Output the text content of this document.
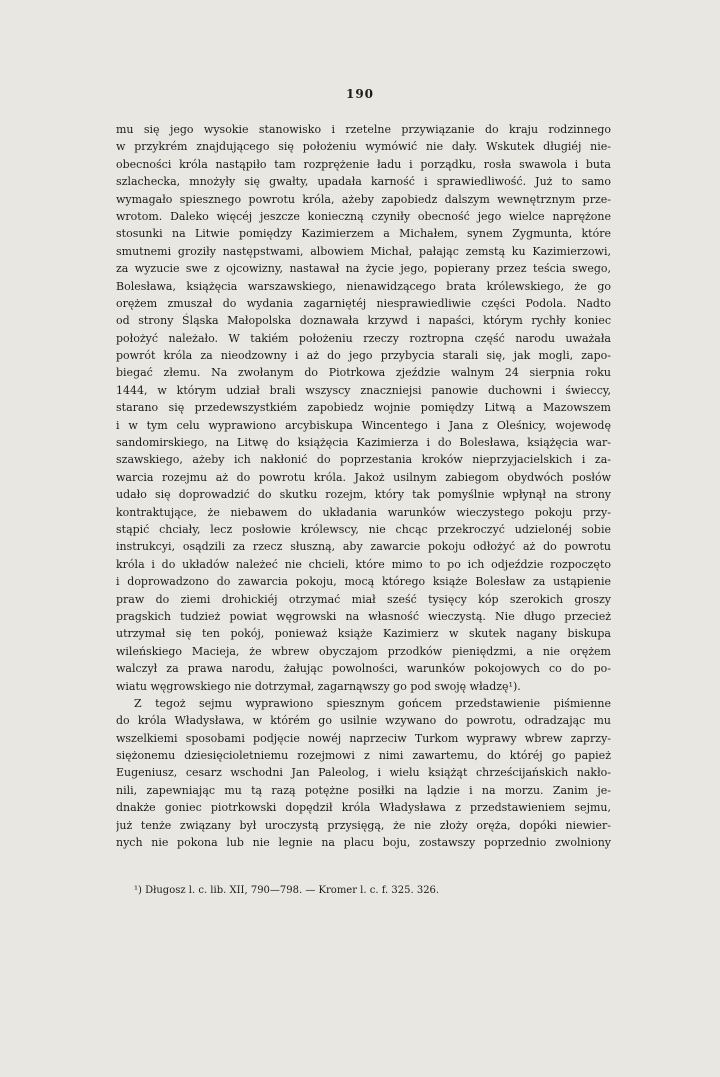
190
mu się jego wysokie stanowisko i rzetelne przywiązanie do kraju rodzinnego
w przykrém znajdującego się położeniu wymówić nie dały. Wskutek długiéj nie-
obecności króla nastąpiło tam rozprężenie ładu i porządku, rosła swawola i buta
szlachecka, mnożyły się gwałty, upadała karność i sprawiedliwość. Już to samo
wymagało spiesznego powrotu króla, ażeby zapobiedz dalszym wewnętrznym prze-
wrotom. Daleko więcéj jeszcze konieczną czyniły obecność jego wielce naprężone
stosunki na Litwie pomiędzy Kazimierzem a Michałem, synem Zygmunta, które
smutnemi groziły następstwami, albowiem Michał, pałając zemstą ku Kazimierzowi,
za wyzucie swe z ojcowizny, nastawał na życie jego, popierany przez teścia swego,
Bolesława, książęcia warszawskiego, nienawidzącego brata królewskiego, że go
orężem zmuszał do wydania zagarniętéj niesprawiedliwie części Podola. Nadto
od strony Śląska Małopolska doznawała krzywd i napaści, którym rychły koniec
położyć należało. W takiém położeniu rzeczy roztropna część narodu uważała
powrót króla za nieodzowny i aż do jego przybycia starali się, jak mogli, zapo-
biegać złemu. Na zwołanym do Piotrkowa zjeździe walnym 24 sierpnia roku
1444, w którym udział brali wszyscy znaczniejsi panowie duchowni i świeccy,
starano się przedewszystkiém zapobiedz wojnie pomiędzy Litwą a Mazowszem
i w tym celu wyprawiono arcybiskupa Wincentego i Jana z Oleśnicy, wojewodę
sandomirskiego, na Litwę do książęcia Kazimierza i do Bolesława, książęcia war-
szawskiego, ażeby ich nakłonić do poprzestania kroków nieprzyjacielskich i za-
warcia rozejmu aż do powrotu króla. Jakoż usilnym zabiegom obydwóch posłów
udało się doprowadzić do skutku rozejm, który tak pomyślnie wpłynął na strony
kontraktujące, że niebawem do układania warunków wieczystego pokoju przy-
stąpić chciały, lecz posłowie królewscy, nie chcąc przekroczyć udzielonéj sobie
instrukcyi, osądzili za rzecz słuszną, aby zawarcie pokoju odłożyć aż do powrotu
króla i do układów należeć nie chcieli, które mimo to po ich odjeździe rozpoczęto
i doprowadzono do zawarcia pokoju, mocą którego książe Bolesław za ustąpienie
praw do ziemi drohickiéj otrzymać miał sześć tysięcy kóp szerokich groszy
pragskich tudzież powiat węgrowski na własność wieczystą. Nie długo przecież
utrzymał się ten pokój, ponieważ książe Kazimierz w skutek nagany biskupa
wileńskiego Macieja, że wbrew obyczajom przodków pieniędzmi, a nie orężem
walczył za prawa narodu, żałując powolności, warunków pokojowych co do po-
wiatu węgrowskiego nie dotrzymał, zagarnąwszy go pod swoję władzę¹).
Z tegoż sejmu wyprawiono spiesznym gońcem przedstawienie piśmienne
do króla Władysława, w którém go usilnie wzywano do powrotu, odradzając mu
wszelkiemi sposobami podjęcie nowéj naprzeciw Turkom wyprawy wbrew zaprzy-
siężonemu dziesięcioletniemu rozejmowi z nimi zawartemu, do któréj go papież
Eugeniusz, cesarz wschodni Jan Paleolog, i wielu książąt chrześcijańskich nakło-
nili, zapewniając mu tą razą potężne posiłki na lądzie i na morzu. Zanim je-
dnakże goniec piotrkowski dopędził króla Władysława z przedstawieniem sejmu,
już tenże związany był uroczystą przysięgą, że nie złoży oręża, dopóki niewier-
nych nie pokona lub nie legnie na placu boju, zostawszy poprzednio zwolniony
¹) Długosz l. c. lib. XII, 790—798. — Kromer l. c. f. 325. 326.
